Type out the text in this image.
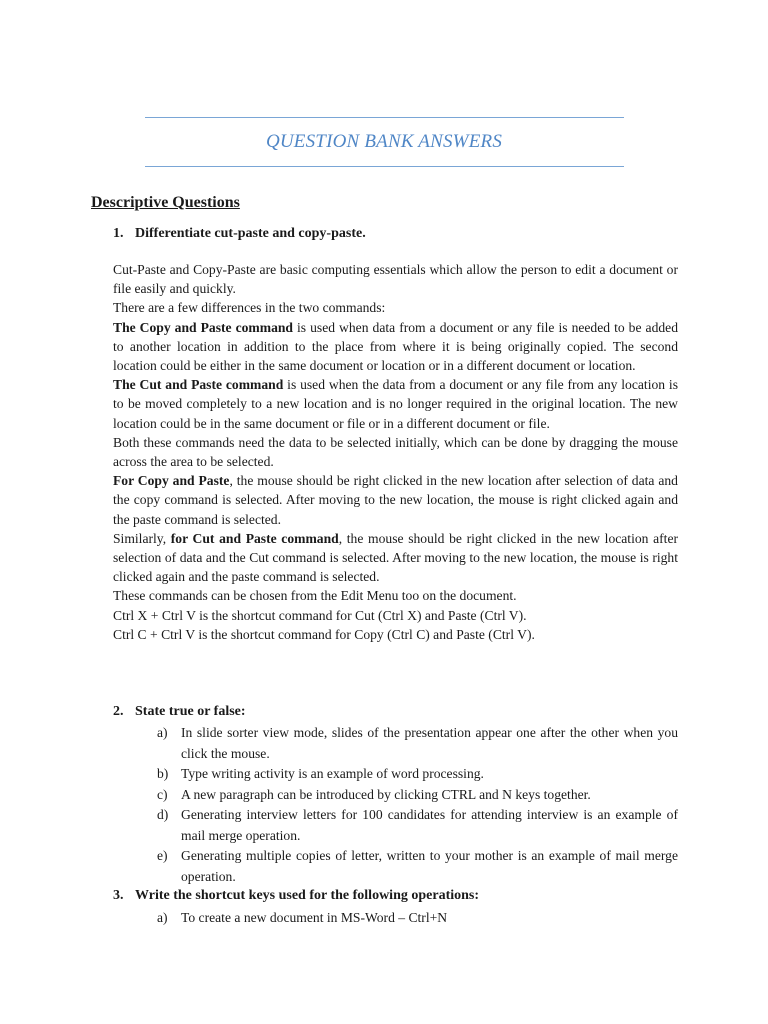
QUESTION BANK ANSWERS
Descriptive Questions
1. Differentiate cut-paste and copy-paste.

Cut-Paste and Copy-Paste are basic computing essentials which allow the person to edit a document or file easily and quickly.

There are a few differences in the two commands:

The Copy and Paste command is used when data from a document or any file is needed to be added to another location in addition to the place from where it is being originally copied. The second location could be either in the same document or location or in a different document or location.

The Cut and Paste command is used when the data from a document or any file from any location is to be moved completely to a new location and is no longer required in the original location. The new location could be in the same document or file or in a different document or file.

Both these commands need the data to be selected initially, which can be done by dragging the mouse across the area to be selected.

For Copy and Paste, the mouse should be right clicked in the new location after selection of data and the copy command is selected. After moving to the new location, the mouse is right clicked again and the paste command is selected.

Similarly, for Cut and Paste command, the mouse should be right clicked in the new location after selection of data and the Cut command is selected. After moving to the new location, the mouse is right clicked again and the paste command is selected.

These commands can be chosen from the Edit Menu too on the document.

Ctrl X + Ctrl V is the shortcut command for Cut (Ctrl X) and Paste (Ctrl V).

Ctrl C + Ctrl V is the shortcut command for Copy (Ctrl C) and Paste (Ctrl V).

2. State true or false:
a) In slide sorter view mode, slides of the presentation appear one after the other when you click the mouse.
b) Type writing activity is an example of word processing.
c) A new paragraph can be introduced by clicking CTRL and N keys together.
d) Generating interview letters for 100 candidates for attending interview is an example of mail merge operation.
e) Generating multiple copies of letter, written to your mother is an example of mail merge operation.
3. Write the shortcut keys used for the following operations:
a) To create a new document in MS-Word – Ctrl+N
